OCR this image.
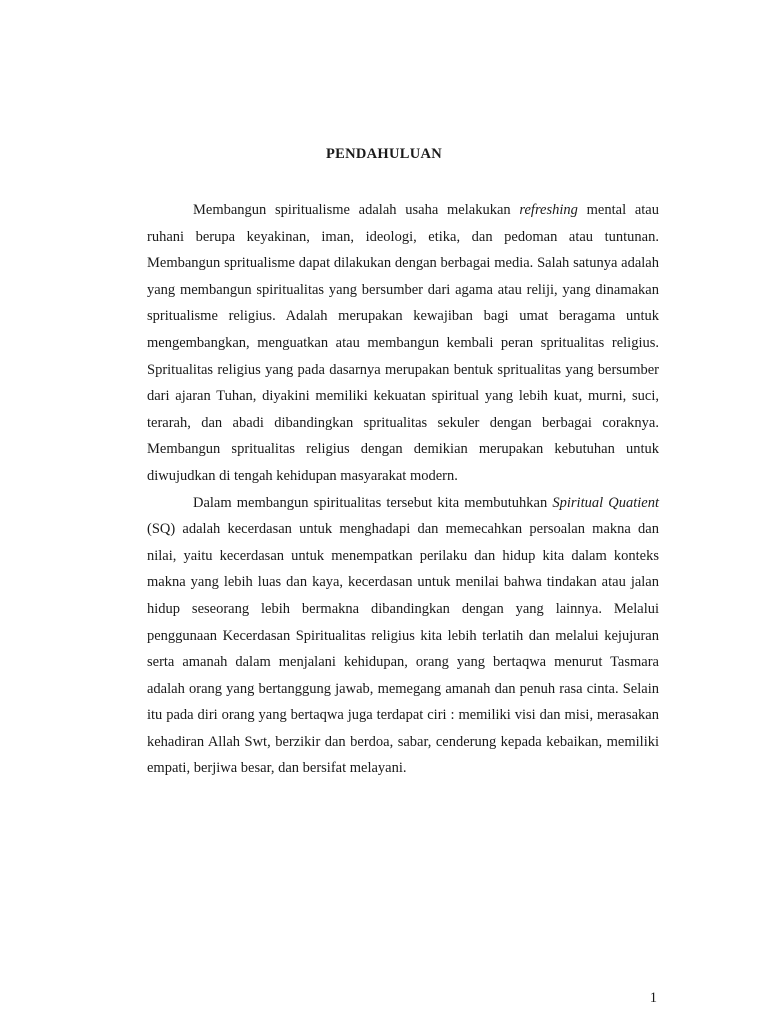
PENDAHULUAN

Membangun spiritualisme adalah usaha melakukan refreshing mental atau ruhani berupa keyakinan, iman, ideologi, etika, dan pedoman atau tuntunan. Membangun spritualisme dapat dilakukan dengan berbagai media. Salah satunya adalah yang membangun spiritualitas yang bersumber dari agama atau reliji, yang dinamakan spritualisme religius. Adalah merupakan kewajiban bagi umat beragama untuk mengembangkan, menguatkan atau membangun kembali peran spritualitas religius. Spritualitas religius yang pada dasarnya merupakan bentuk spritualitas yang bersumber dari ajaran Tuhan, diyakini memiliki kekuatan spiritual yang lebih kuat, murni, suci, terarah, dan abadi dibandingkan spritualitas sekuler dengan berbagai coraknya. Membangun spritualitas religius dengan demikian merupakan kebutuhan untuk diwujudkan di tengah kehidupan masyarakat modern.

Dalam membangun spiritualitas tersebut kita membutuhkan Spiritual Quatient (SQ) adalah kecerdasan untuk menghadapi dan memecahkan persoalan makna dan nilai, yaitu kecerdasan untuk menempatkan perilaku dan hidup kita dalam konteks makna yang lebih luas dan kaya, kecerdasan untuk menilai bahwa tindakan atau jalan hidup seseorang lebih bermakna dibandingkan dengan yang lainnya. Melalui penggunaan Kecerdasan Spiritualitas religius kita lebih terlatih dan melalui kejujuran serta amanah dalam menjalani kehidupan, orang yang bertaqwa menurut Tasmara adalah orang yang bertanggung jawab, memegang amanah dan penuh rasa cinta. Selain itu pada diri orang yang bertaqwa juga terdapat ciri : memiliki visi dan misi, merasakan kehadiran Allah Swt, berzikir dan berdoa, sabar, cenderung kepada kebaikan, memiliki empati, berjiwa besar, dan bersifat melayani.

1
